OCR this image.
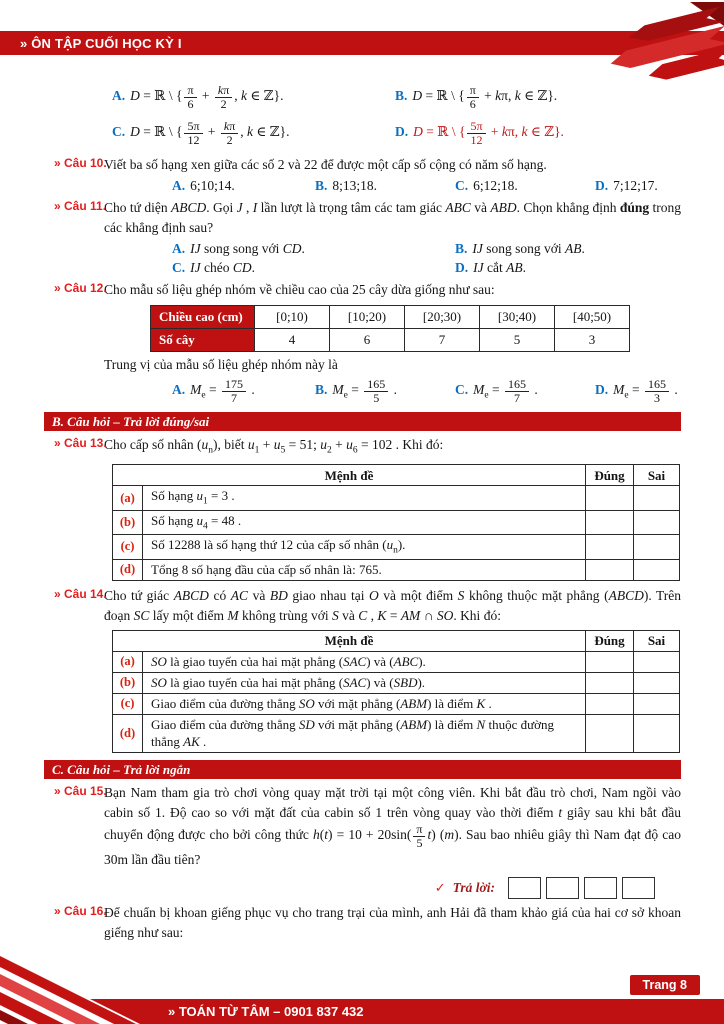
» ÔN TẬP CUỐI HỌC KỲ I
A. D = ℝ \ { $\frac{\pi}{6} + \frac{k\pi}{2}$ , k ∈ ℤ}.	B. D = ℝ \ { $\frac{\pi}{6} + k\pi$, k ∈ ℤ}.
C. D = ℝ \ { $\frac{5\pi}{12} + \frac{k\pi}{2}$ , k ∈ ℤ}.	D. D = ℝ \ { $\frac{5\pi}{12} + k\pi$, k ∈ ℤ}.
» Câu 10.
Viết ba số hạng xen giữa các số 2 và 22 để được một cấp số cộng có năm số hạng.
A. 6;10;14.	B. 8;13;18.	C. 6;12;18.	D. 7;12;17.
» Câu 11.
Cho tứ diện ABCD. Gọi J , I lần lượt là trọng tâm các tam giác ABC và ABD. Chọn khẳng định đúng trong các khẳng định sau?
A. IJ song song với CD.	B. IJ song song với AB.
C. IJ chéo CD.	D. IJ cắt AB.
» Câu 12.
Cho mẫu số liệu ghép nhóm về chiều cao của 25 cây dừa giống như sau:
Chiều cao (cm)	[0;10)	[10;20)	[20;30)	[30;40)	[40;50)
Số cây	4	6	7	5	3
Trung vị của mẫu số liệu ghép nhóm này là
A. $M_e = \frac{175}{7}$ .	B. $M_e = \frac{165}{5}$ .	C. $M_e = \frac{165}{7}$ .	D. $M_e = \frac{165}{3}$ .
B. Câu hỏi – Trả lời đúng/sai
» Câu 13.
Cho cấp số nhân $(u_n)$, biết $u_1 + u_5 = 51$; $u_2 + u_6 = 102$ . Khi đó:
Mệnh đề		Đúng	Sai
(a)	Số hạng $u_1 = 3$ .		
(b)	Số hạng $u_4 = 48$ .		
(c)	Số 12288 là số hạng thứ 12 của cấp số nhân $(u_n)$.		
(d)	Tổng 8 số hạng đầu của cấp số nhân là: 765.		
» Câu 14.
Cho tứ giác ABCD có AC và BD giao nhau tại O và một điểm S không thuộc mặt phẳng (ABCD). Trên đoạn SC lấy một điểm M không trùng với S và C , K = AM ∩ SO. Khi đó:
Mệnh đề		Đúng	Sai
(a)	SO là giao tuyến của hai mặt phẳng (SAC) và (ABC).		
(b)	SO là giao tuyến của hai mặt phẳng (SAC) và (SBD).		
(c)	Giao điểm của đường thẳng SO với mặt phẳng (ABM) là điểm K .		
(d)	Giao điểm của đường thẳng SD với mặt phẳng (ABM) là điểm N thuộc đường thẳng AK .		
C. Câu hỏi – Trả lời ngắn
» Câu 15.
Bạn Nam tham gia trò chơi vòng quay mặt trời tại một công viên. Khi bắt đầu trò chơi, Nam ngồi vào cabin số 1. Độ cao so với mặt đất của cabin số 1 trên vòng quay vào thời điểm t giây sau khi bắt đầu chuyển động được cho bởi công thức $h(t) = 10 + 20\sin( \frac{\pi}{5} t)$ (m). Sau bao nhiêu giây thì Nam đạt độ cao 30m lần đầu tiên?
✓ Trả lời:
» Câu 16.
Để chuẩn bị khoan giếng phục vụ cho trang trại của mình, anh Hải đã tham khảo giá của hai cơ sở khoan giếng như sau:
» TOÁN TỪ TÂM – 0901 837 432
Trang 8
